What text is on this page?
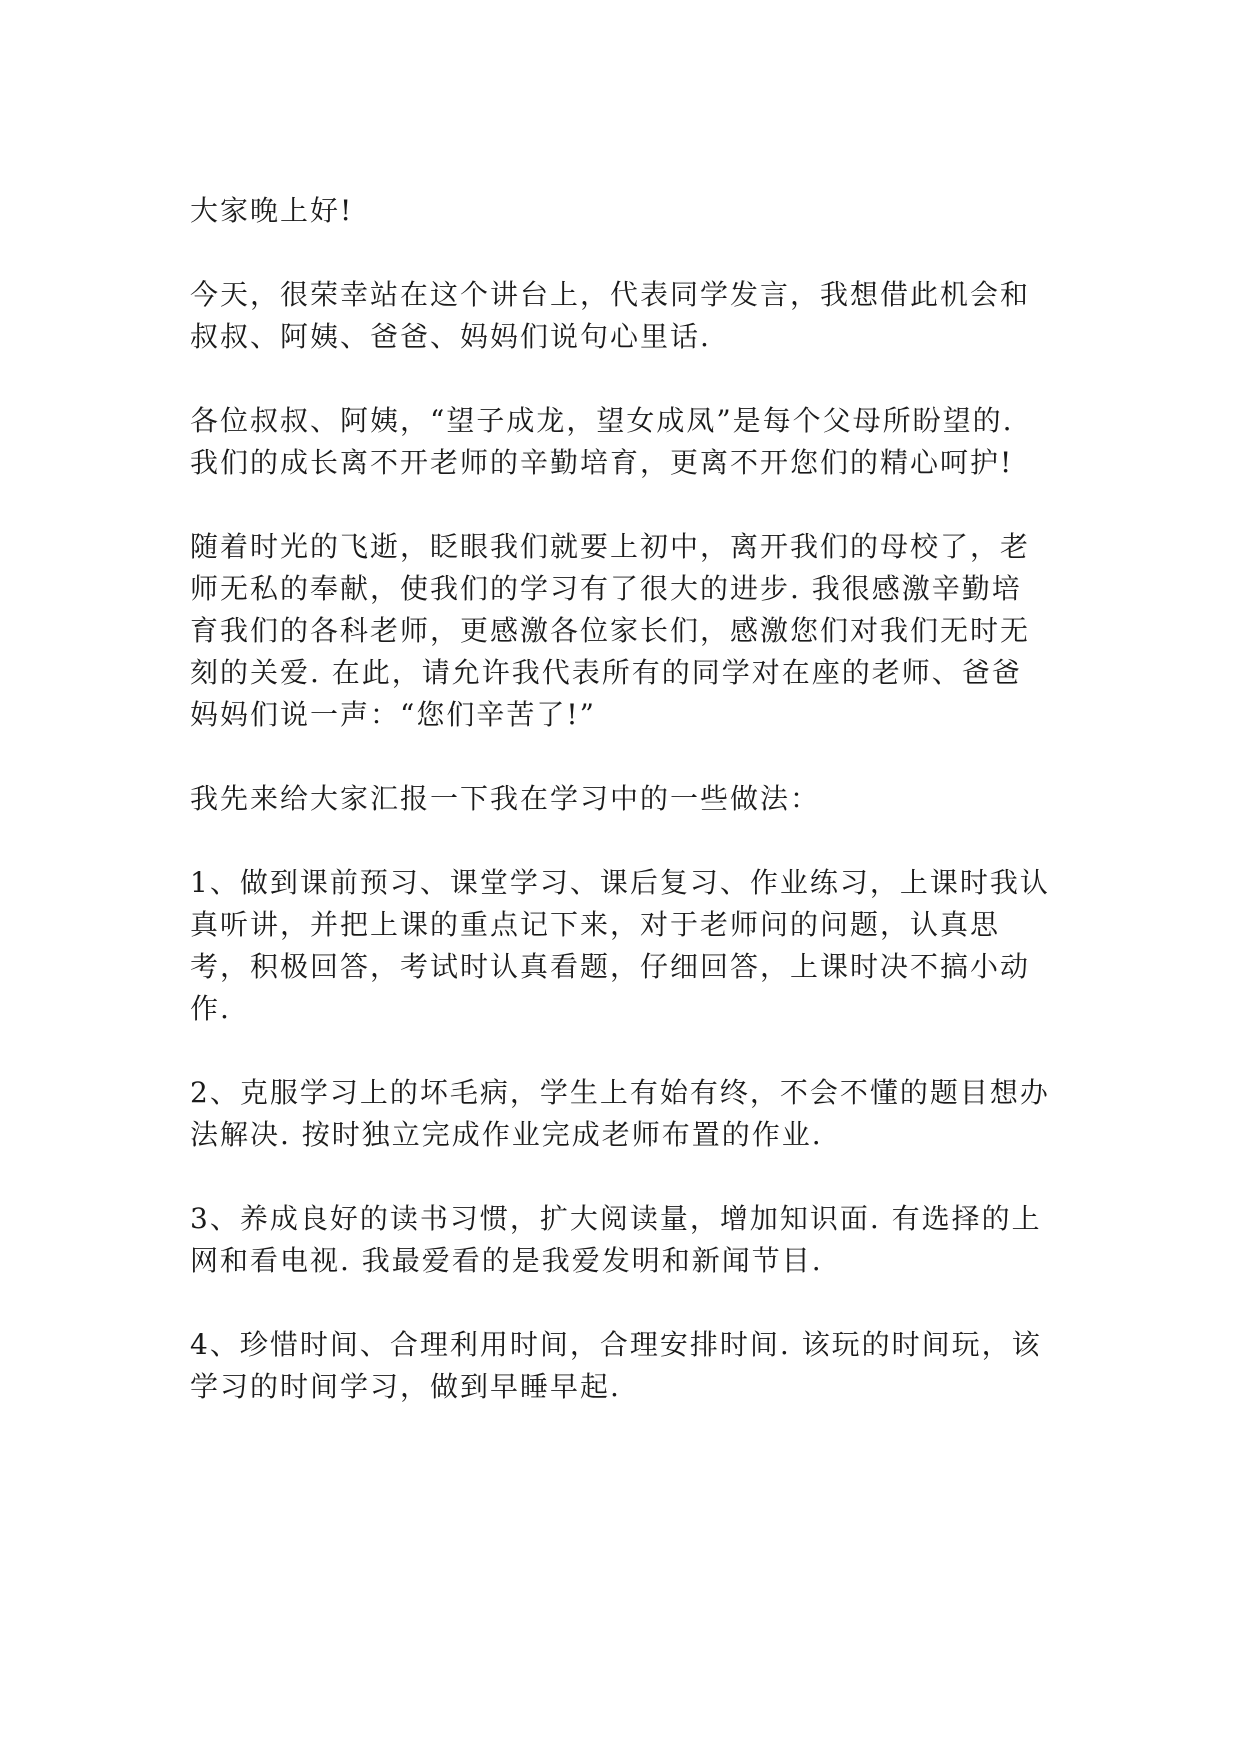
大家晚上好!

今天，很荣幸站在这个讲台上，代表同学发言，我想借此机会和叔叔、阿姨、爸爸、妈妈们说句心里话.

各位叔叔、阿姨，“望子成龙，望女成凤”是每个父母所盼望的. 我们的成长离不开老师的辛勤培育，更离不开您们的精心呵护!

随着时光的飞逝，眨眼我们就要上初中，离开我们的母校了，老师无私的奉献，使我们的学习有了很大的进步. 我很感激辛勤培育我们的各科老师，更感激各位家长们，感激您们对我们无时无刻的关爱. 在此，请允许我代表所有的同学对在座的老师、爸爸妈妈们说一声：“您们辛苦了!”

我先来给大家汇报一下我在学习中的一些做法：

1、做到课前预习、课堂学习、课后复习、作业练习，上课时我认真听讲，并把上课的重点记下来，对于老师问的问题，认真思考，积极回答，考试时认真看题，仔细回答，上课时决不搞小动作.

2、克服学习上的坏毛病，学生上有始有终，不会不懂的题目想办法解决. 按时独立完成作业完成老师布置的作业.

3、养成良好的读书习惯，扩大阅读量，增加知识面. 有选择的上网和看电视. 我最爱看的是我爱发明和新闻节目.

4、珍惜时间、合理利用时间，合理安排时间. 该玩的时间玩，该学习的时间学习，做到早睡早起.
